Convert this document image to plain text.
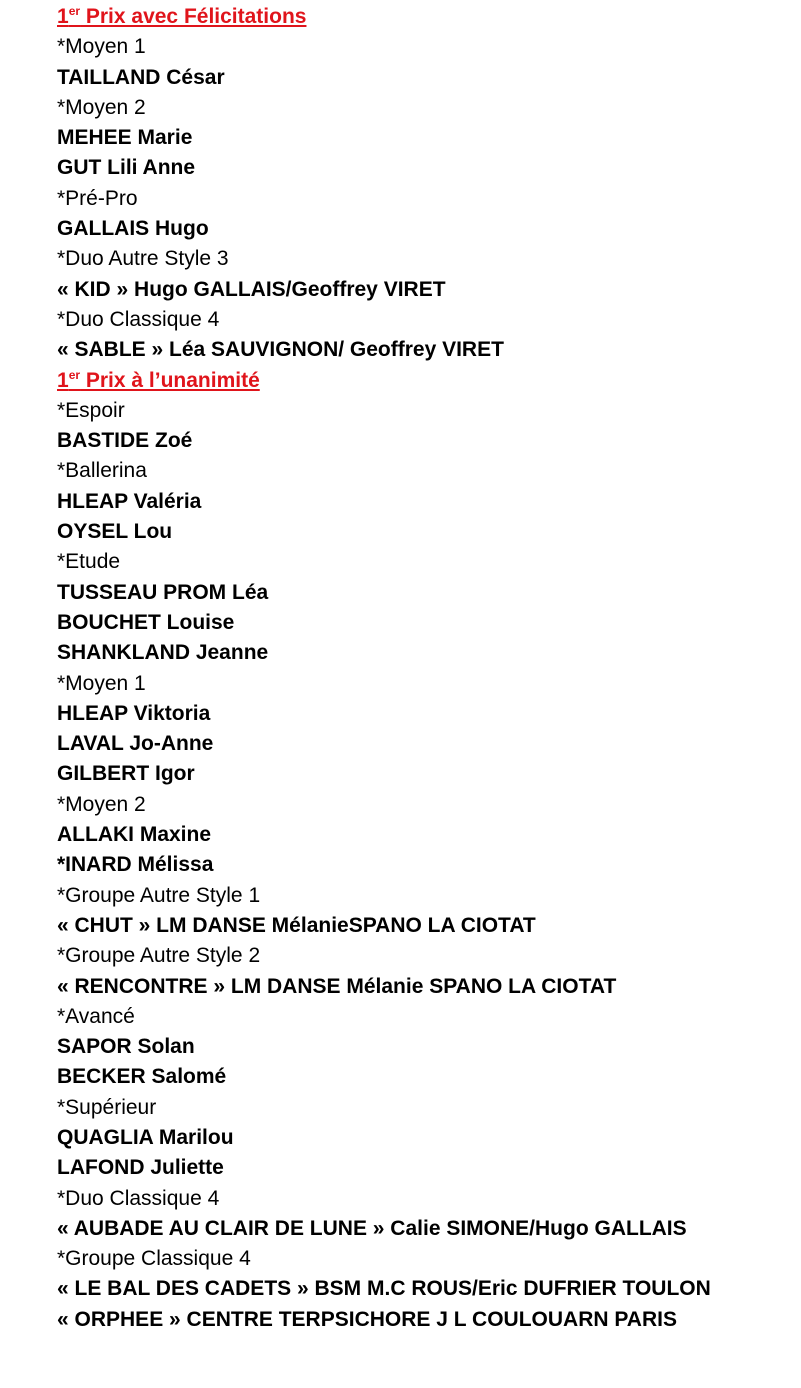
1er Prix avec Félicitations
*Moyen 1
TAILLAND César
*Moyen 2
MEHEE Marie
GUT Lili Anne
*Pré-Pro
GALLAIS Hugo
*Duo Autre Style 3
« KID » Hugo GALLAIS/Geoffrey VIRET
*Duo Classique 4
« SABLE » Léa SAUVIGNON/ Geoffrey VIRET
1er Prix à l’unanimité
*Espoir
BASTIDE Zoé
*Ballerina
HLEAP Valéria
OYSEL Lou
*Etude
TUSSEAU PROM Léa
BOUCHET Louise
SHANKLAND Jeanne
*Moyen 1
HLEAP Viktoria
LAVAL Jo-Anne
GILBERT Igor
*Moyen 2
ALLAKI Maxine
*INARD Mélissa
*Groupe Autre Style 1
« CHUT » LM DANSE MélanieSPANO LA CIOTAT
*Groupe Autre Style 2
« RENCONTRE » LM DANSE Mélanie SPANO LA CIOTAT
*Avancé
SAPOR Solan
BECKER Salomé
*Supérieur
QUAGLIA Marilou
LAFOND Juliette
*Duo Classique 4
« AUBADE AU CLAIR DE LUNE » Calie SIMONE/Hugo GALLAIS
*Groupe Classique 4
« LE BAL DES CADETS » BSM M.C ROUS/Eric DUFRIER TOULON
« ORPHEE » CENTRE TERPSICHORE J L COULOUARN PARIS
